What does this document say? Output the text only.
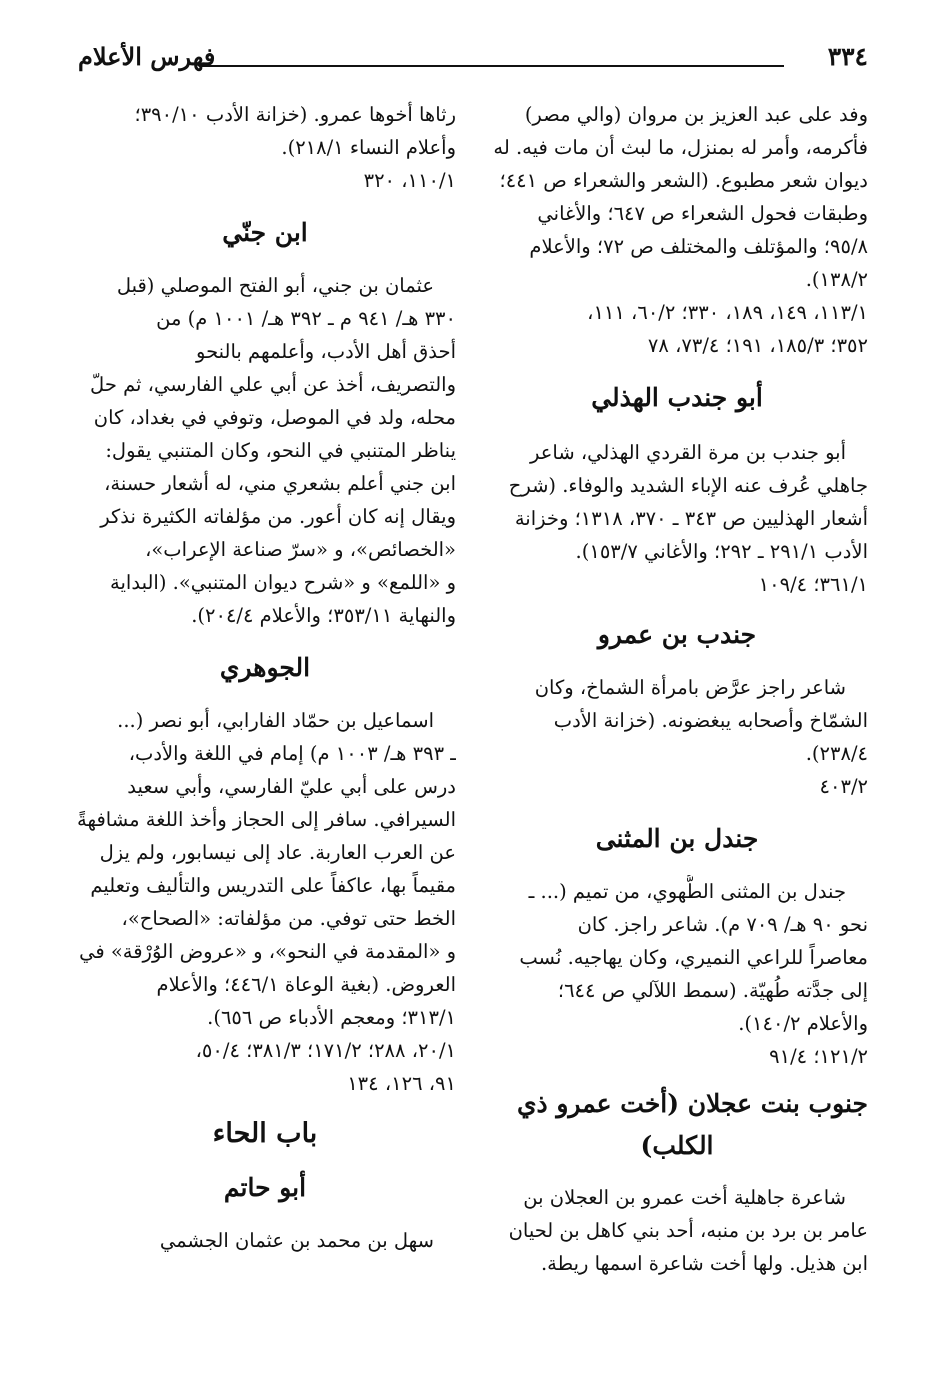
٣٣٤
فهرس الأعلام
وفد على عبد العزيز بن مروان (والي مصر)
فأكرمه، وأمر له بمنزل، ما لبث أن مات فيه. له
ديوان شعر مطبوع. (الشعر والشعراء ص ٤٤١؛
وطبقات فحول الشعراء ص ٦٤٧؛ والأغاني
٩٥/٨؛ والمؤتلف والمختلف ص ٧٢؛ والأعلام
١٣٨/٢).
١١٣/١، ١٤٩، ١٨٩، ٣٣٠؛ ٦٠/٢، ١١١،
٣٥٢؛ ١٨٥/٣، ١٩١؛ ٧٣/٤، ٧٨
أبو جندب الهذلي
أبو جندب بن مرة القردي الهذلي، شاعر
جاهلي عُرف عنه الإباء الشديد والوفاء. (شرح
أشعار الهذليين ص ٣٤٣ ـ ٣٧٠، ١٣١٨؛ وخزانة
الأدب ٢٩١/١ ـ ٢٩٢؛ والأغاني ١٥٣/٧).
٣٦١/١؛ ١٠٩/٤
جندب بن عمرو
شاعر راجز عرَّض بامرأة الشماخ، وكان
الشمّاخ وأصحابه يبغضونه. (خزانة الأدب
٢٣٨/٤).
٤٠٣/٢
جندل بن المثنى
جندل بن المثنى الطُّهوي، من تميم (... ـ
نحو ٩٠ هـ/ ٧٠٩ م). شاعر راجز. كان
معاصراً للراعي النميري، وكان يهاجيه. نُسب
إلى جدَّته طُهيّة. (سمط اللآلي ص ٦٤٤؛
والأعلام ١٤٠/٢).
١٢١/٢؛ ٩١/٤
جنوب بنت عجلان (أخت عمرو ذي
الكلب)
شاعرة جاهلية أخت عمرو بن العجلان بن
عامر بن برد بن منبه، أحد بني كاهل بن لحيان
ابن هذيل. ولها أخت شاعرة اسمها ريطة.
رثاها أخوها عمرو. (خزانة الأدب ٣٩٠/١٠؛
وأعلام النساء ٢١٨/١).
١١٠/١، ٣٢٠
ابن جنّي
عثمان بن جني، أبو الفتح الموصلي (قبل
٣٣٠ هـ/ ٩٤١ م ـ ٣٩٢ هـ/ ١٠٠١ م) من
أحذق أهل الأدب، وأعلمهم بالنحو
والتصريف، أخذ عن أبي علي الفارسي، ثم حلّ
محله، ولد في الموصل، وتوفي في بغداد، كان
يناظر المتنبي في النحو، وكان المتنبي يقول:
ابن جني أعلم بشعري مني، له أشعار حسنة،
ويقال إنه كان أعور. من مؤلفاته الكثيرة نذكر
«الخصائص»، و «سرّ صناعة الإعراب»،
و «اللمع» و «شرح ديوان المتنبي». (البداية
والنهاية ٣٥٣/١١؛ والأعلام ٢٠٤/٤).
الجوهري
اسماعيل بن حمّاد الفارابي، أبو نصر (...
ـ ٣٩٣ هـ/ ١٠٠٣ م) إمام في اللغة والأدب،
درس على أبي عليّ الفارسي، وأبي سعيد
السيرافي. سافر إلى الحجاز وأخذ اللغة مشافهةً
عن العرب العاربة. عاد إلى نيسابور، ولم يزل
مقيماً بها، عاكفاً على التدريس والتأليف وتعليم
الخط حتى توفي. من مؤلفاته: «الصحاح»،
و «المقدمة في النحو»، و «عروض الوُرْقة» في
العروض. (بغية الوعاة ٤٤٦/١؛ والأعلام
٣١٣/١؛ ومعجم الأدباء ص ٦٥٦).
٢٠/١، ٢٨٨؛ ١٧١/٢؛ ٣٨١/٣؛ ٥٠/٤،
٩١، ١٢٦، ١٣٤
باب الحاء
أبو حاتم
سهل بن محمد بن عثمان الجشمي
